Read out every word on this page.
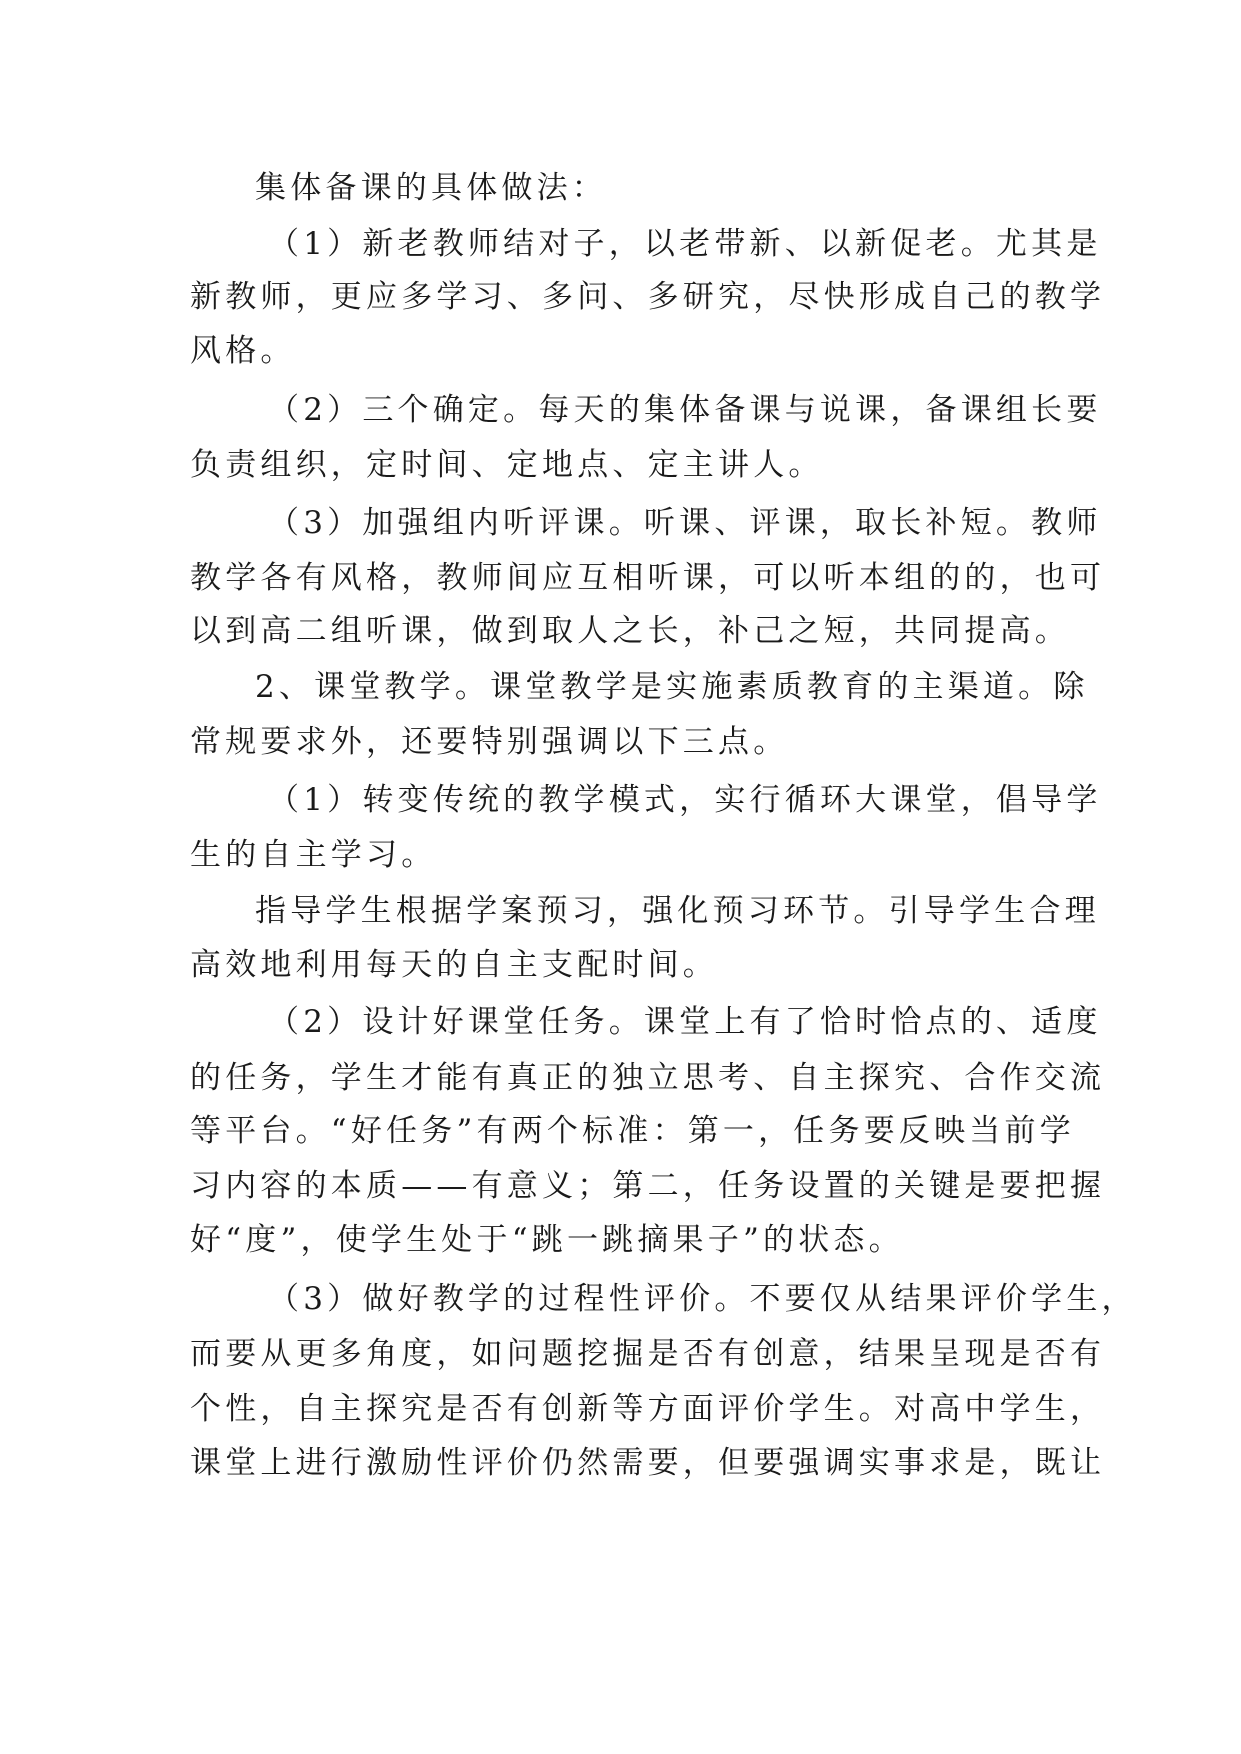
集体备课的具体做法：
（1）新老教师结对子，以老带新、以新促老。尤其是
新教师，更应多学习、多问、多研究，尽快形成自己的教学
风格。
（2）三个确定。每天的集体备课与说课，备课组长要
负责组织，定时间、定地点、定主讲人。
（3）加强组内听评课。听课、评课，取长补短。教师
教学各有风格，教师间应互相听课，可以听本组的的，也可
以到高二组听课，做到取人之长，补己之短，共同提高。
2、课堂教学。课堂教学是实施素质教育的主渠道。除
常规要求外，还要特别强调以下三点。
（1）转变传统的教学模式，实行循环大课堂，倡导学
生的自主学习。
指导学生根据学案预习，强化预习环节。引导学生合理
高效地利用每天的自主支配时间。
（2）设计好课堂任务。课堂上有了恰时恰点的、适度
的任务，学生才能有真正的独立思考、自主探究、合作交流
等平台。“好任务”有两个标准：第一，任务要反映当前学
习内容的本质——有意义；第二，任务设置的关键是要把握
好“度”，使学生处于“跳一跳摘果子”的状态。
（3）做好教学的过程性评价。不要仅从结果评价学生，
而要从更多角度，如问题挖掘是否有创意，结果呈现是否有
个性，自主探究是否有创新等方面评价学生。对高中学生，
课堂上进行激励性评价仍然需要，但要强调实事求是，既让
